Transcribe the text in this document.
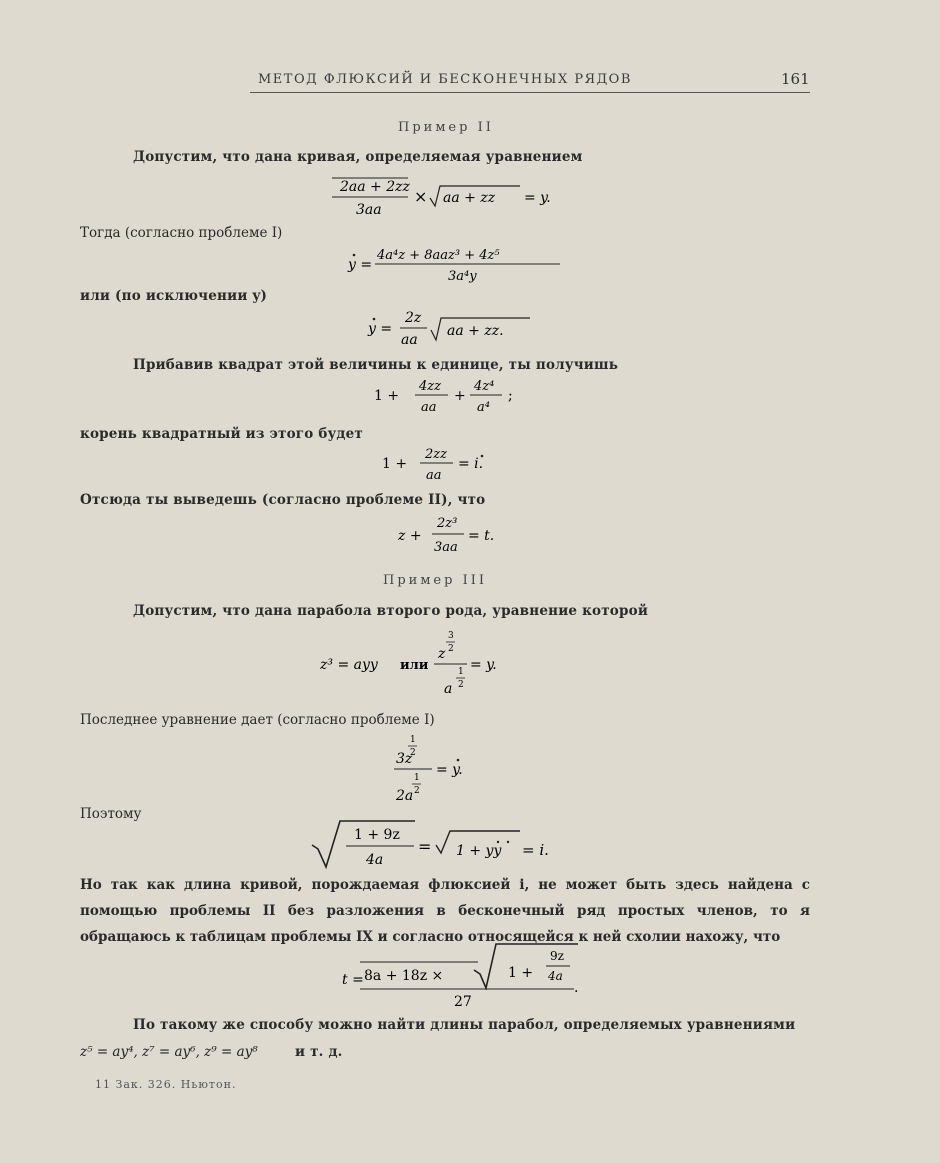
МЕТОД ФЛЮКСИЙ И БЕСКОНЕЧНЫХ РЯДОВ	161
Пример II
Допустим, что дана кривая, определяемая уравнением
2aa + 2zz
3aa
× aa + zz = y.
Тогда (согласно проблеме I)
y =
4a⁴z + 8aaz³ + 4z⁵
3a⁴y
или (по исключении y)
y =
2z
aa
aa + zz.
Прибавив квадрат этой величины к единице, ты получишь
1 +
4zz
aa
+
4z⁴
a⁴
;
корень квадратный из этого будет
1 +
2zz
aa
= i.
Отсюда ты выведешь (согласно проблеме II), что
z +
2z³
3aa
= t.
Пример III
Допустим, что дана парабола второго рода, уравнение которой
z³ = ayy или
3
2
z
1
2
a
= y.
Последнее уравнение дает (согласно проблеме I)
1
2
3z
1
2
2a
= y.
Поэтому
1 + 9z
4a
= 1 + yy = i.
Но так как длина кривой, порождаемая флюксией i, не может быть здесь найдена с помощью проблемы II без разложения в бесконечный ряд простых членов, то я обращаюсь к таблицам проблемы IX и согласно относящейся к ней схолии нахожу, что
t = 8a + 18z ×	1 +
9z
4a
27
.
По такому же способу можно найти длины парабол, определяемых уравнениями
z⁵ = ay⁴, z⁷ = ay⁶, z⁹ = ay⁸	и т. д.
11 Зак. 326. Ньютон.
